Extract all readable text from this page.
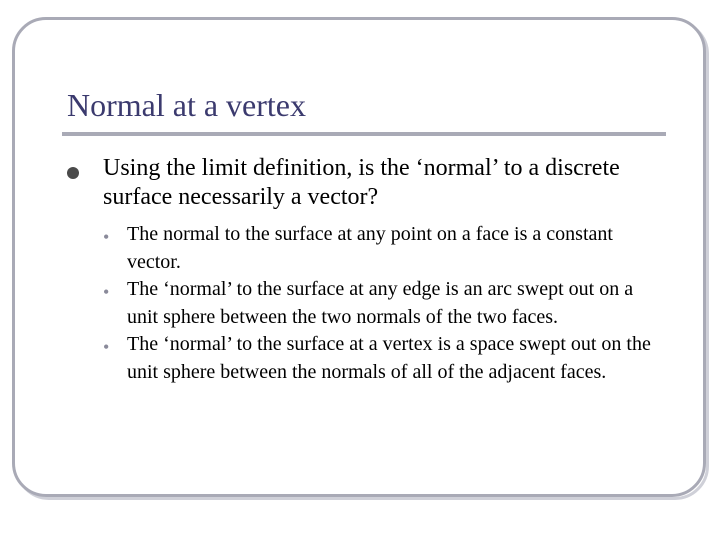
Normal at a vertex

Using the limit definition, is the ‘normal’ to a discrete surface necessarily a vector?

• The normal to the surface at any point on a face is a constant vector.
• The ‘normal’ to the surface at any edge is an arc swept out on a unit sphere between the two normals of the two faces.
• The ‘normal’ to the surface at a vertex is a space swept out on the unit sphere between the normals of all of the adjacent faces.
